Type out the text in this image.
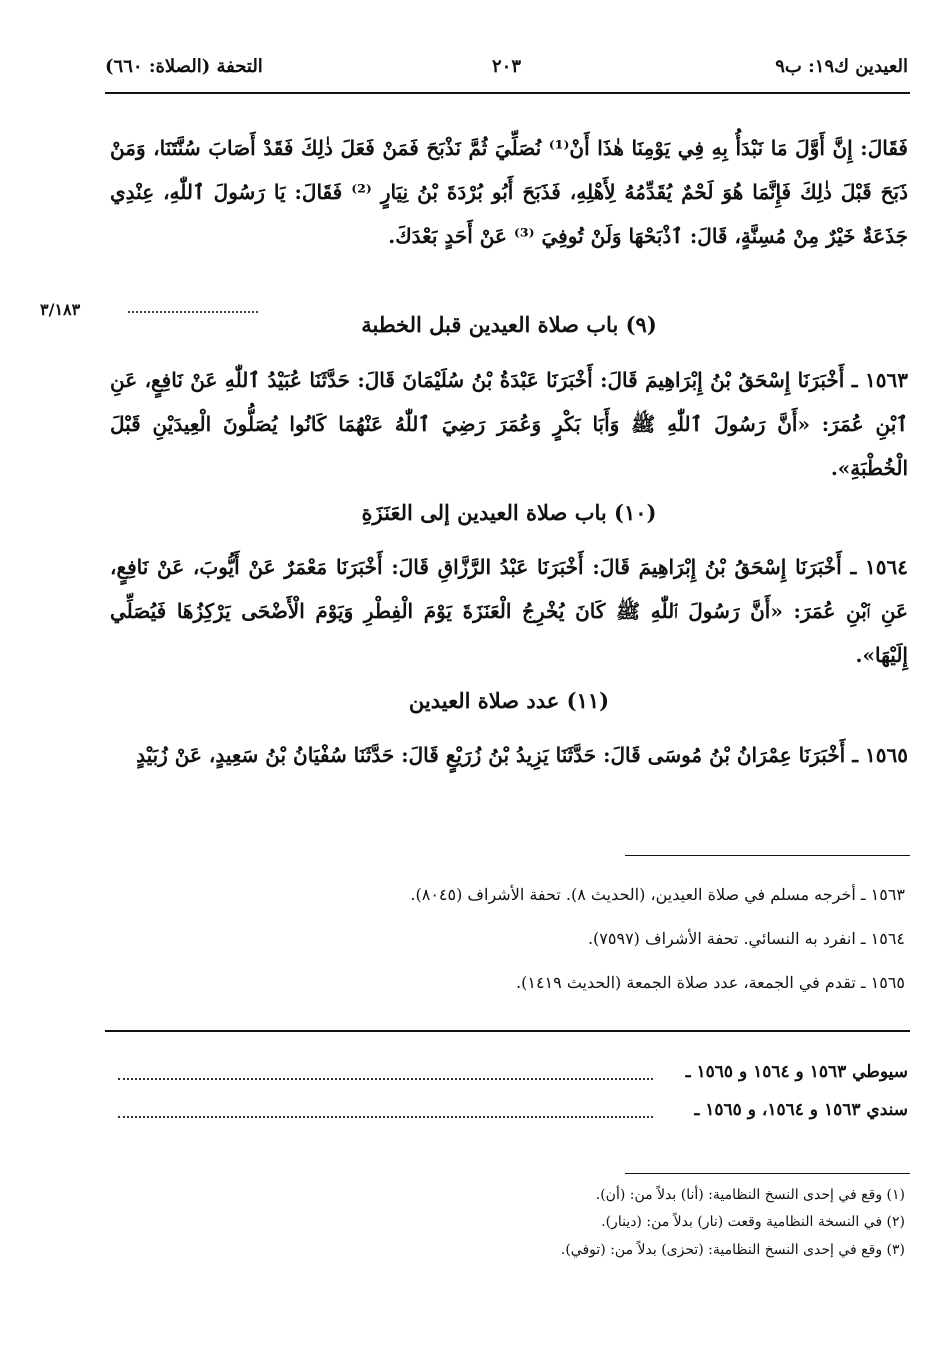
العيدين ك١٩: ب٩
٢٠٣
التحفة (الصلاة: ٦٦٠)
فَقَالَ: إِنَّ أَوَّلَ مَا نَبْدَأُ بِهِ فِي يَوْمِنَا هٰذَا أَنْ⁽¹⁾ نُصَلِّيَ ثُمَّ نَذْبَحَ فَمَنْ فَعَلَ ذٰلِكَ فَقَدْ أَصَابَ سُنَّتَنَا، وَمَنْ ذَبَحَ قَبْلَ ذٰلِكَ فَإِنَّمَا هُوَ لَحْمٌ يُقَدِّمُهُ لِأَهْلِهِ، فَذَبَحَ أَبُو بُرْدَةَ بْنُ نِيَارٍ ⁽²⁾ فَقَالَ: يَا رَسُولَ ٱللّٰهِ، عِنْدِي جَذَعَةٌ خَيْرٌ مِنْ مُسِنَّةٍ، قَالَ: ٱذْبَحْهَا وَلَنْ تُوفِيَ ⁽³⁾ عَنْ أَحَدٍ بَعْدَكَ.
٣/١٨٣
(٩) باب صلاة العيدين قبل الخطبة
١٥٦٣ ـ أَخْبَرَنَا إِسْحَقُ بْنُ إِبْرَاهِيمَ قَالَ: أَخْبَرَنَا عَبْدَةُ بْنُ سُلَيْمَانَ قَالَ: حَدَّثَنَا عُبَيْدُ ٱللّٰهِ عَنْ نَافِعٍ، عَنِ ٱبْنِ عُمَرَ: «أَنَّ رَسُولَ ٱللّٰهِ ﷺ وَأَبَا بَكْرٍ وَعُمَرَ رَضِيَ ٱللّٰهُ عَنْهُمَا كَانُوا يُصَلُّونَ الْعِيدَيْنِ قَبْلَ الْخُطْبَةِ».
(١٠) باب صلاة العيدين إلى العَنَزَةِ
١٥٦٤ ـ أَخْبَرَنَا إِسْحَقُ بْنُ إِبْرَاهِيمَ قَالَ: أَخْبَرَنَا عَبْدُ الرَّزَّاقِ قَالَ: أَخْبَرَنَا مَعْمَرٌ عَنْ أَيُّوبَ، عَنْ نَافِعٍ، عَنِ ٱبْنِ عُمَرَ: «أَنَّ رَسُولَ ٱللّٰهِ ﷺ كَانَ يُخْرِجُ الْعَنَزَةَ يَوْمَ الْفِطْرِ وَيَوْمَ الْأَضْحَى يَرْكِزُهَا فَيُصَلِّي إِلَيْهَا».
(١١) عدد صلاة العيدين
١٥٦٥ ـ أَخْبَرَنَا عِمْرَانُ بْنُ مُوسَى قَالَ: حَدَّثَنَا يَزِيدُ بْنُ زُرَيْعٍ قَالَ: حَدَّثَنَا سُفْيَانُ بْنُ سَعِيدٍ، عَنْ زُبَيْدٍ
١٥٦٣ ـ أخرجه مسلم في صلاة العيدين، (الحديث ٨). تحفة الأشراف (٨٠٤٥).
١٥٦٤ ـ انفرد به النسائي. تحفة الأشراف (٧٥٩٧).
١٥٦٥ ـ تقدم في الجمعة، عدد صلاة الجمعة (الحديث ١٤١٩).
سيوطي ١٥٦٣ و ١٥٦٤ و ١٥٦٥ ـ
سندي ١٥٦٣ و ١٥٦٤، و ١٥٦٥ ـ
(١) وقع في إحدى النسخ النظامية: (أنا) بدلاً من: (أن).
(٢) في النسخة النظامية وقعت (نار) بدلاً من: (دينار).
(٣) وقع في إحدى النسخ النظامية: (تحزى) بدلاً من: (توفي).
